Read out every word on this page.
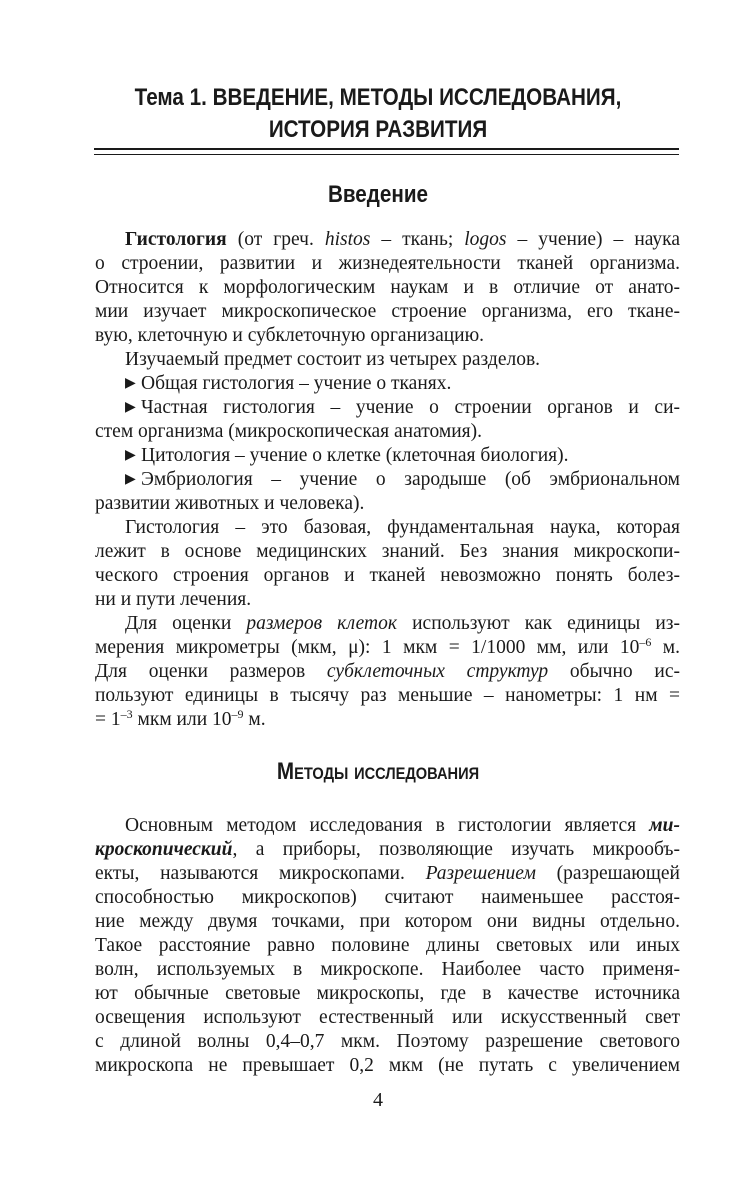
Тема 1. ВВЕДЕНИЕ, МЕТОДЫ ИССЛЕДОВАНИЯ,
ИСТОРИЯ РАЗВИТИЯ
Введение
Гистология (от греч. histos – ткань; logos – учение) – наука
о строении, развитии и жизнедеятельности тканей организма.
Относится к морфологическим наукам и в отличие от анато-
мии изучает микроскопическое строение организма, его ткане-
вую, клеточную и субклеточную организацию.
Изучаемый предмет состоит из четырех разделов.
▶ Общая гистология – учение о тканях.
▶ Частная гистология – учение о строении органов и си-
стем организма (микроскопическая анатомия).
▶ Цитология – учение о клетке (клеточная биология).
▶ Эмбриология – учение о зародыше (об эмбриональном
развитии животных и человека).
Гистология – это базовая, фундаментальная наука, которая
лежит в основе медицинских знаний. Без знания микроскопи-
ческого строения органов и тканей невозможно понять болез-
ни и пути лечения.
Для оценки размеров клеток используют как единицы из-
мерения микрометры (мкм, μ): 1 мкм = 1/1000 мм, или $10^{-6}$ м.
Для оценки размеров субклеточных структур обычно ис-
пользуют единицы в тысячу раз меньшие – нанометры: 1 нм =
= $1^{-3}$ мкм или $10^{-9}$ м.
Методы исследования
Основным методом исследования в гистологии является ми-
кроскопический, а приборы, позволяющие изучать микрообъ-
екты, называются микроскопами. Разрешением (разрешающей
способностью микроскопов) считают наименьшее расстоя-
ние между двумя точками, при котором они видны отдельно.
Такое расстояние равно половине длины световых или иных
волн, используемых в микроскопе. Наиболее часто применя-
ют обычные световые микроскопы, где в качестве источника
освещения используют естественный или искусственный свет
с длиной волны 0,4–0,7 мкм. Поэтому разрешение светового
микроскопа не превышает 0,2 мкм (не путать с увеличением
4
